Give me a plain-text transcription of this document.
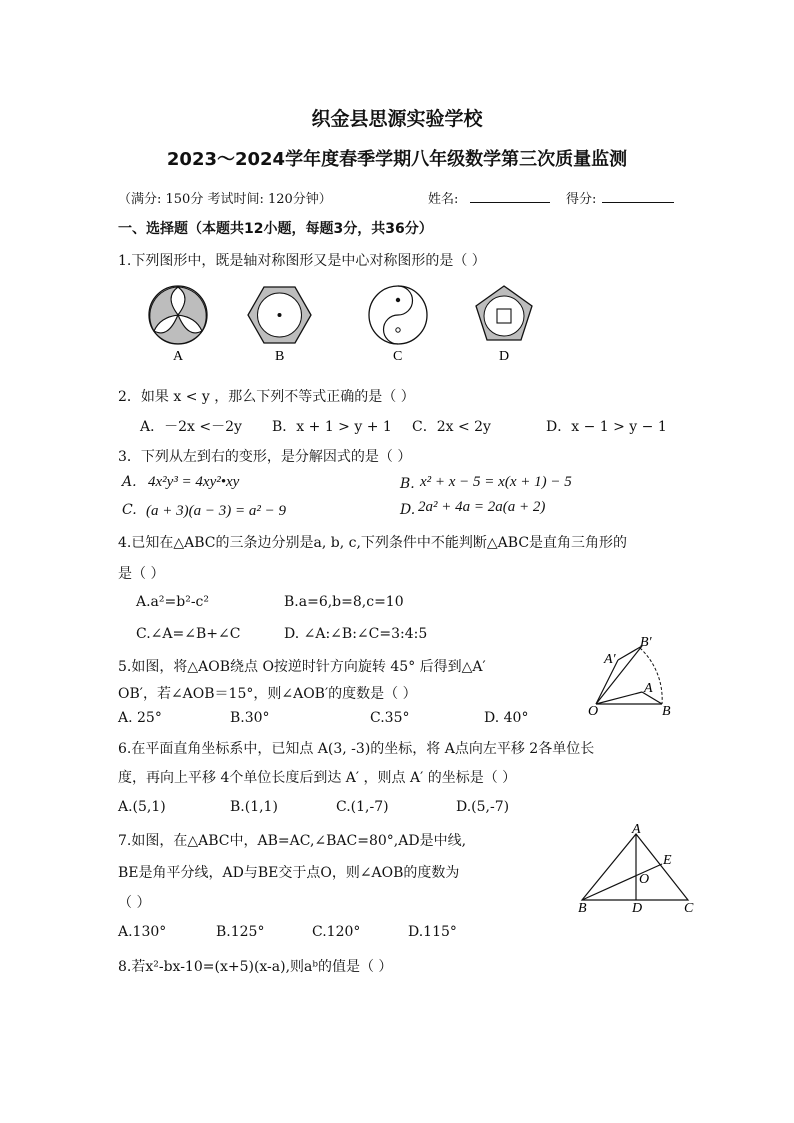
织金县思源实验学校
2023～2024学年度春季学期八年级数学第三次质量监测
（满分: 150分 考试时间: 120分钟）	姓名:	得分:
一、选择题（本题共12小题，每题3分，共36分）
1.下列图形中，既是轴对称图形又是中心对称图形的是（ ）
A	B	C	D
2．如果 x < y ，那么下列不等式正确的是（ ）
A．－2x <－2y B．x + 1 > y + 1 C．2x < 2y	D．x − 1 > y − 1
3．下列从左到右的变形，是分解因式的是（ ）
A. 4x²y³ = 4xy²•xy	B. x² + x − 5 = x(x + 1) − 5
C. (a + 3)(a − 3) = a² − 9	D. 2a² + 4a = 2a(a + 2)
4.已知在△ABC的三条边分别是a, b, c,下列条件中不能判断△ABC是直角三角形的
是（ ）
A.a²=b²-c²	B.a=6,b=8,c=10
C.∠A=∠B+∠C	D. ∠A:∠B:∠C=3:4:5
5.如图，将△AOB绕点 O按逆时针方向旋转 45° 后得到△A′
OB′，若∠AOB＝15°，则∠AOB′的度数是（ ）
A. 25°	B.30°	C.35°	D. 40°
A′
B′
A
O	B
6.在平面直角坐标系中，已知点 A(3, -3)的坐标，将 A点向左平移 2各单位长
度，再向上平移 4个单位长度后到达 A′ ，则点 A′ 的坐标是（ ）
A.(5,1)	B.(1,1)	C.(1,-7)	D.(5,-7)
7.如图，在△ABC中，AB=AC,∠BAC=80°,AD是中线,
BE是角平分线，AD与BE交于点O，则∠AOB的度数为
（ ）
A.130°	B.125°	C.120°	D.115°
A
E
O
B	D	C
8.若x²-bx-10=(x+5)(x-a),则aᵇ的值是（ ）
